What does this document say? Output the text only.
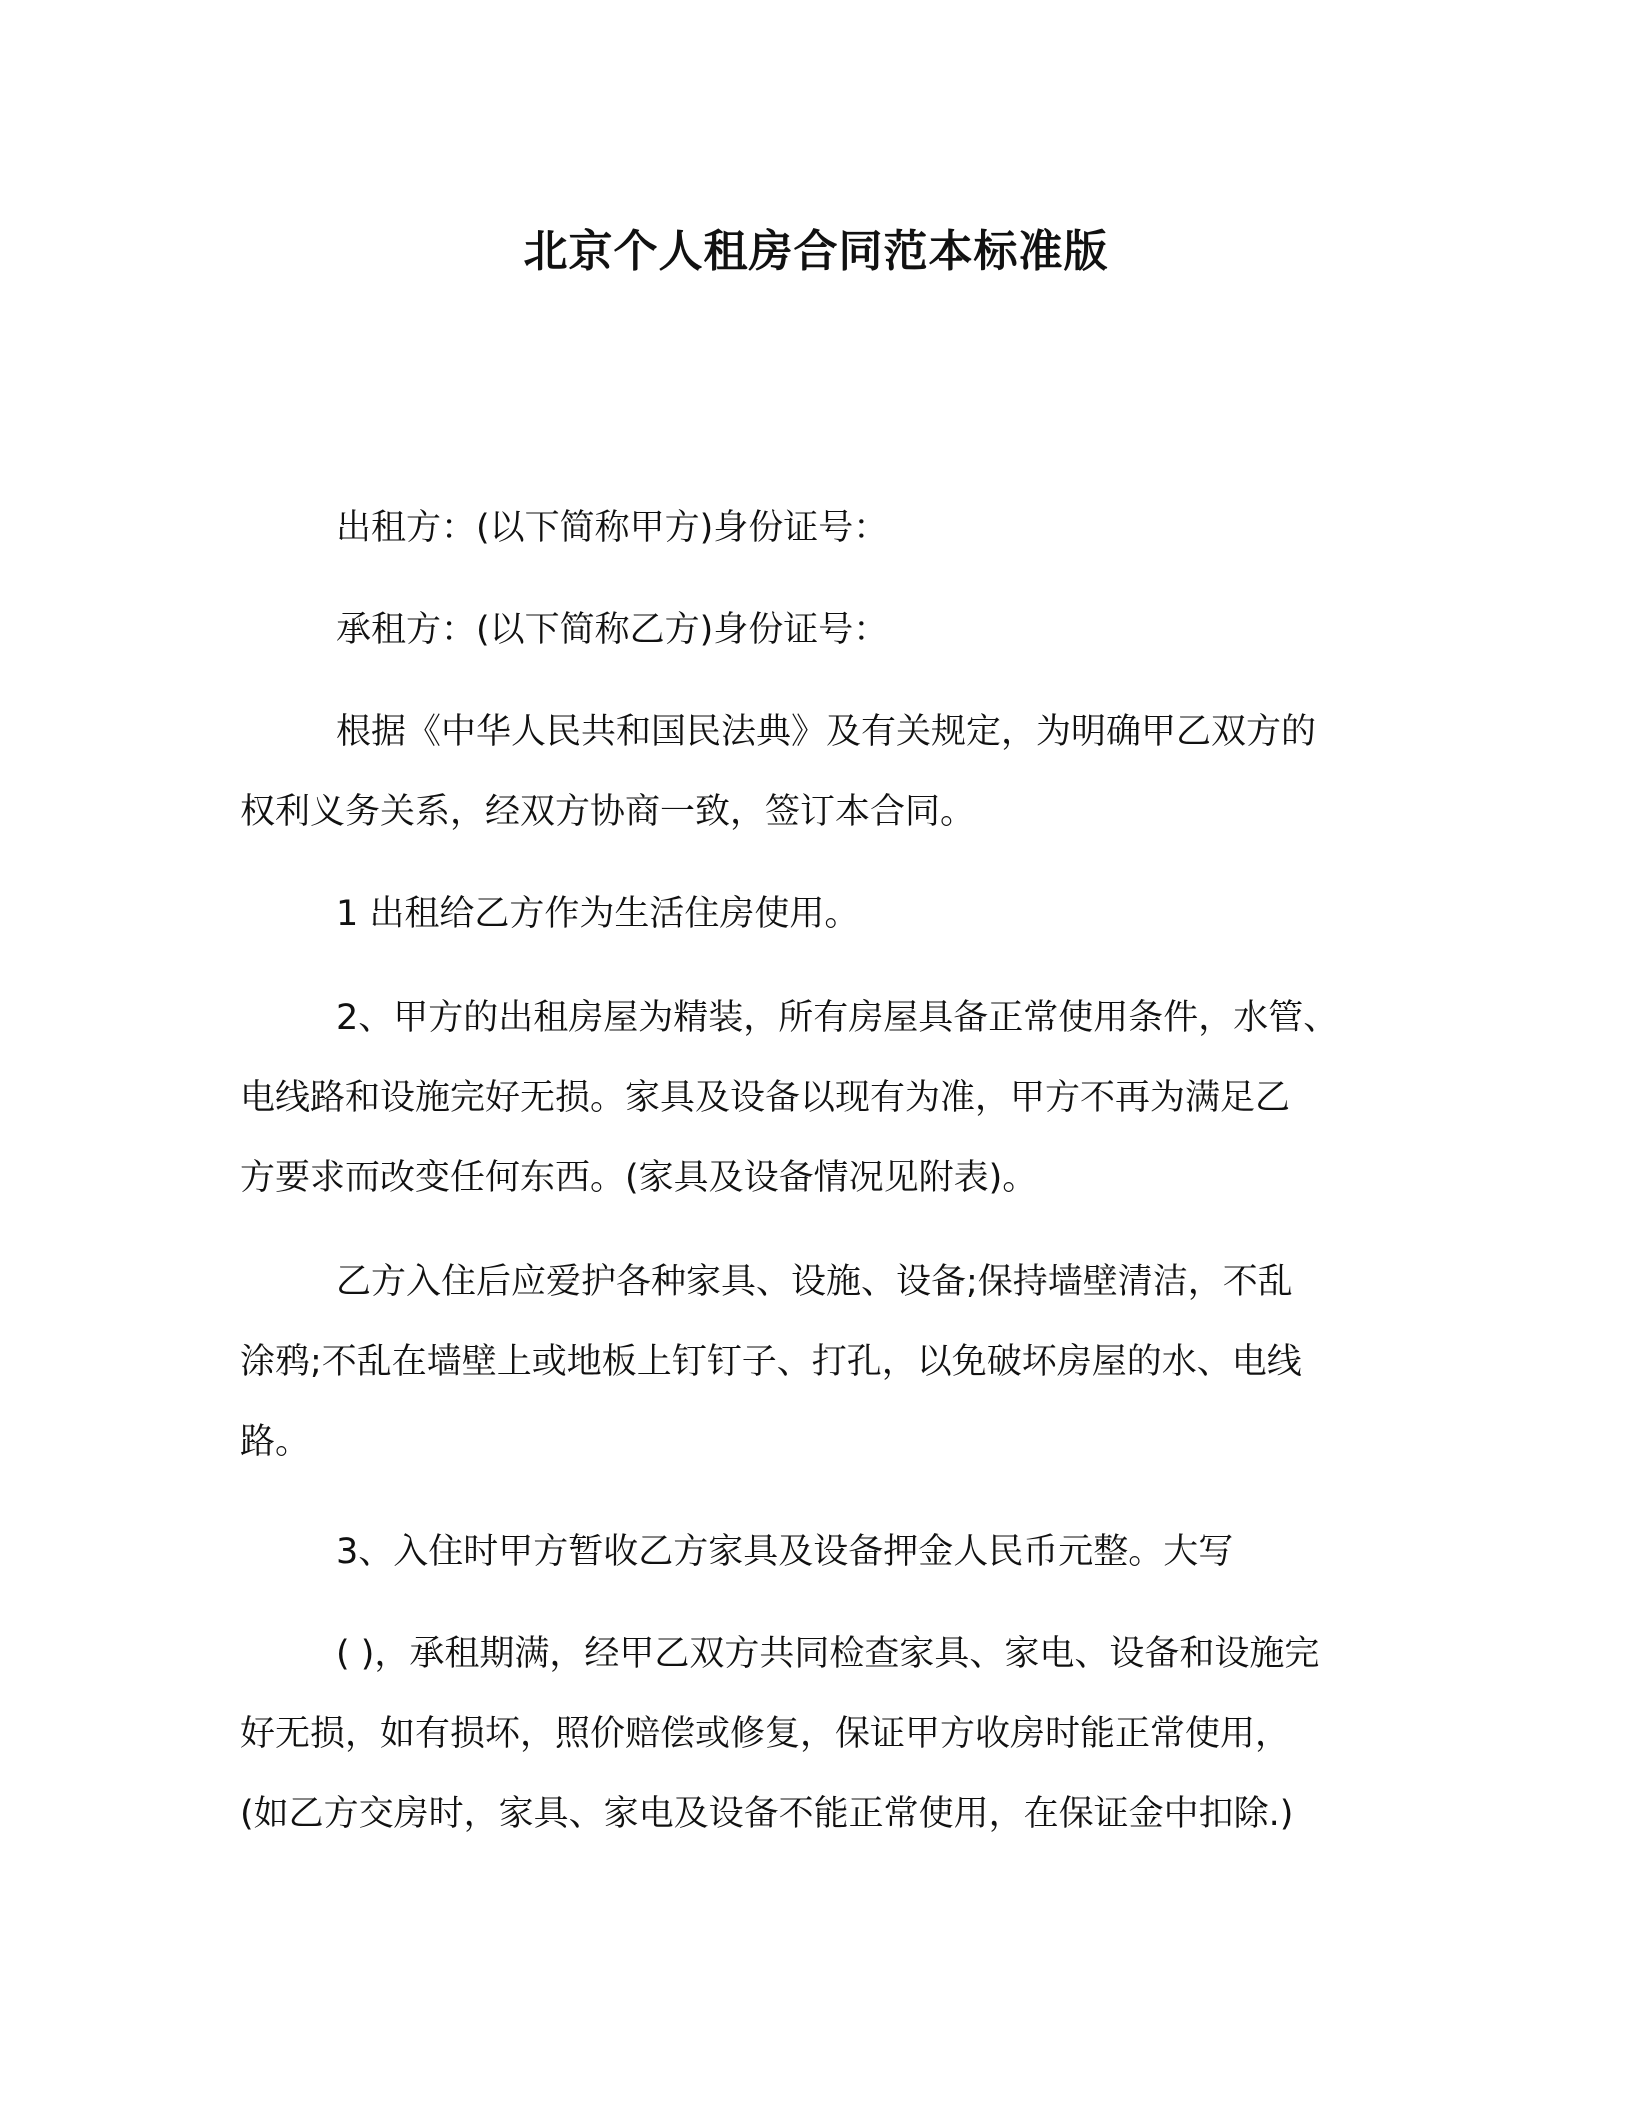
北京个人租房合同范本标准版

出租方：(以下简称甲方)身份证号：

承租方：(以下简称乙方)身份证号：

根据《中华人民共和国民法典》及有关规定，为明确甲乙双方的
权利义务关系，经双方协商一致，签订本合同。

1 出租给乙方作为生活住房使用。

2、甲方的出租房屋为精装，所有房屋具备正常使用条件，水管、
电线路和设施完好无损。家具及设备以现有为准，甲方不再为满足乙
方要求而改变任何东西。(家具及设备情况见附表)。

乙方入住后应爱护各种家具、设施、设备;保持墙壁清洁，不乱
涂鸦;不乱在墙壁上或地板上钉钉子、打孔，以免破坏房屋的水、电线
路。

3、入住时甲方暂收乙方家具及设备押金人民币元整。大写

( )，承租期满，经甲乙双方共同检查家具、家电、设备和设施完
好无损，如有损坏，照价赔偿或修复，保证甲方收房时能正常使用，
(如乙方交房时，家具、家电及设备不能正常使用，在保证金中扣除.)
